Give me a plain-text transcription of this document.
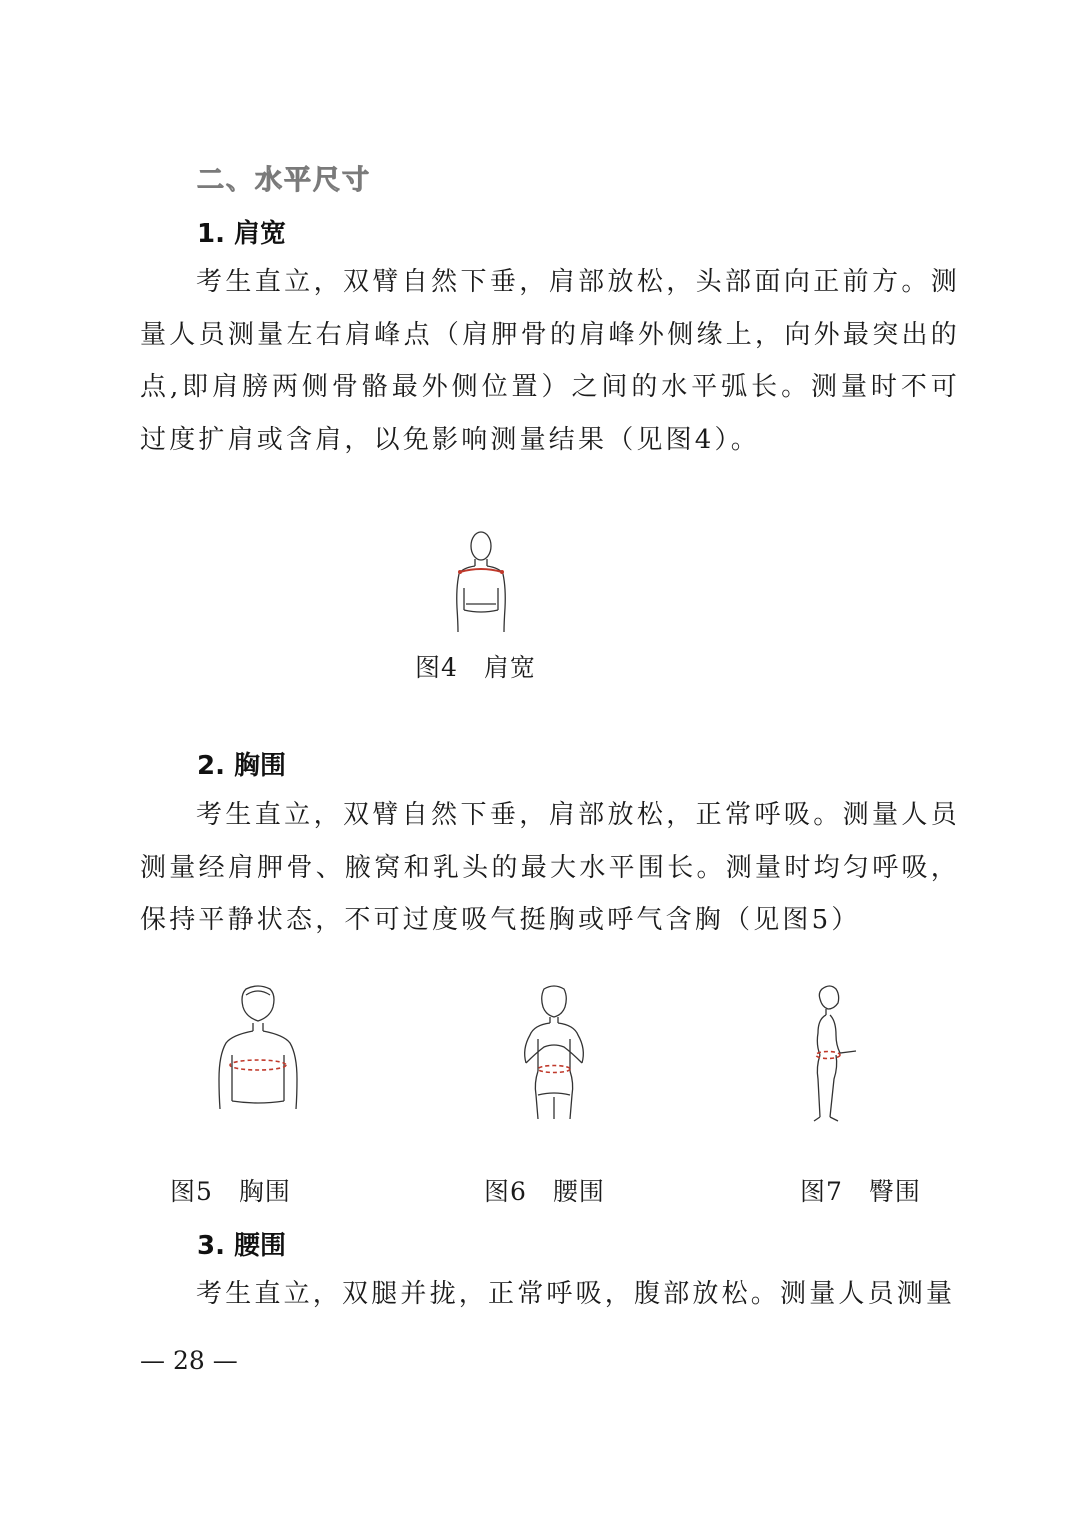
二、水平尺寸
1. 肩宽

考生直立，双臂自然下垂，肩部放松，头部面向正前方。测量人员测量左右肩峰点（肩胛骨的肩峰外侧缘上，向外最突出的点,即肩膀两侧骨骼最外侧位置）之间的水平弧长。测量时不可过度扩肩或含肩，以免影响测量结果（见图4）。

图4　肩宽
2. 胸围

考生直立，双臂自然下垂，肩部放松，正常呼吸。测量人员测量经肩胛骨、腋窝和乳头的最大水平围长。测量时均匀呼吸，保持平静状态，不可过度吸气挺胸或呼气含胸（见图5）

图5　胸围	图6　腰围	图7　臀围
3. 腰围

考生直立，双腿并拢，正常呼吸，腹部放松。测量人员测量

— 28 —
